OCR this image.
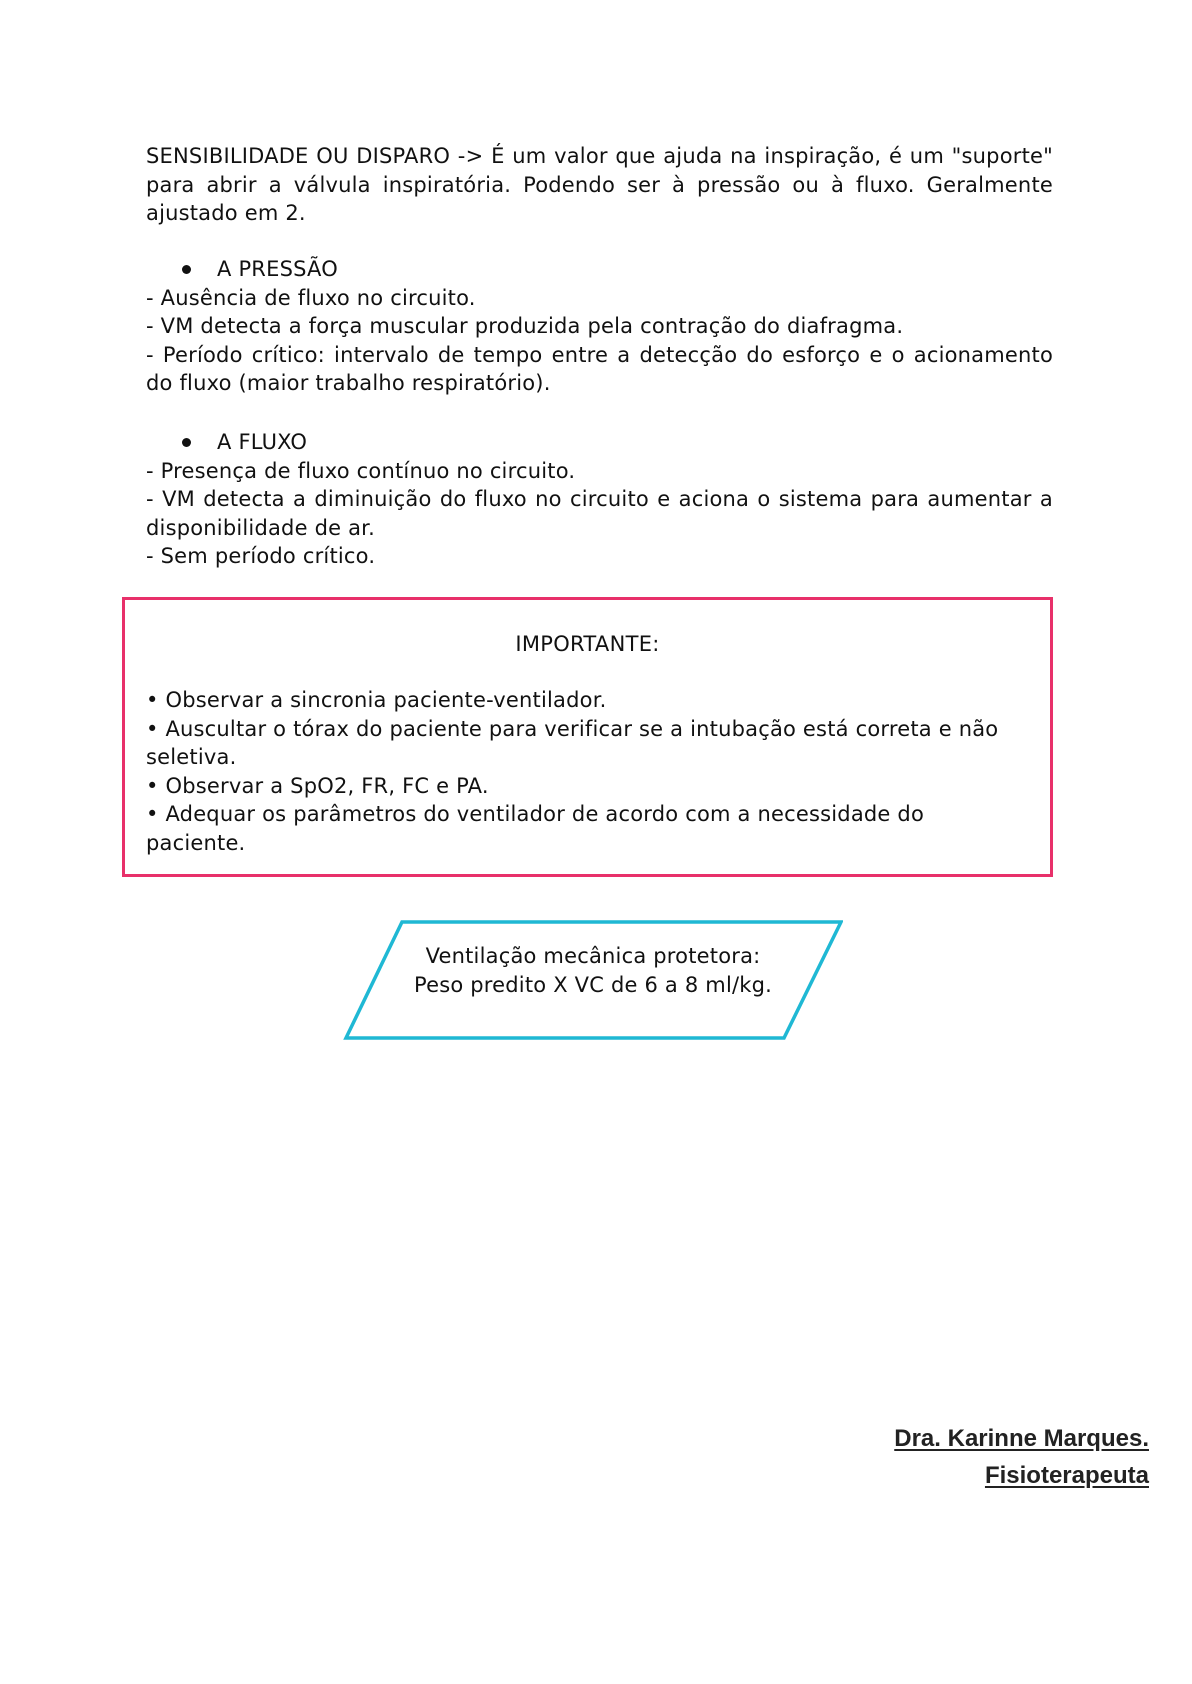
SENSIBILIDADE OU DISPARO -> É um valor que ajuda na inspiração, é um "suporte" para abrir a válvula inspiratória. Podendo ser à pressão ou à fluxo. Geralmente ajustado em 2.
A PRESSÃO
- Ausência de fluxo no circuito.
- VM detecta a força muscular produzida pela contração do diafragma.
- Período crítico: intervalo de tempo entre a detecção do esforço e o acionamento do fluxo (maior trabalho respiratório).
A FLUXO
- Presença de fluxo contínuo no circuito.
- VM detecta a diminuição do fluxo no circuito e aciona o sistema para aumentar a disponibilidade de ar.
- Sem período crítico.
IMPORTANTE:
• Observar a sincronia paciente-ventilador.
• Auscultar o tórax do paciente para verificar se a intubação está correta e não seletiva.
• Observar a SpO2, FR, FC e PA.
• Adequar os parâmetros do ventilador de acordo com a necessidade do paciente.
Ventilação mecânica protetora:
Peso predito X VC de 6 a 8 ml/kg.
Dra. Karinne Marques.
Fisioterapeuta
